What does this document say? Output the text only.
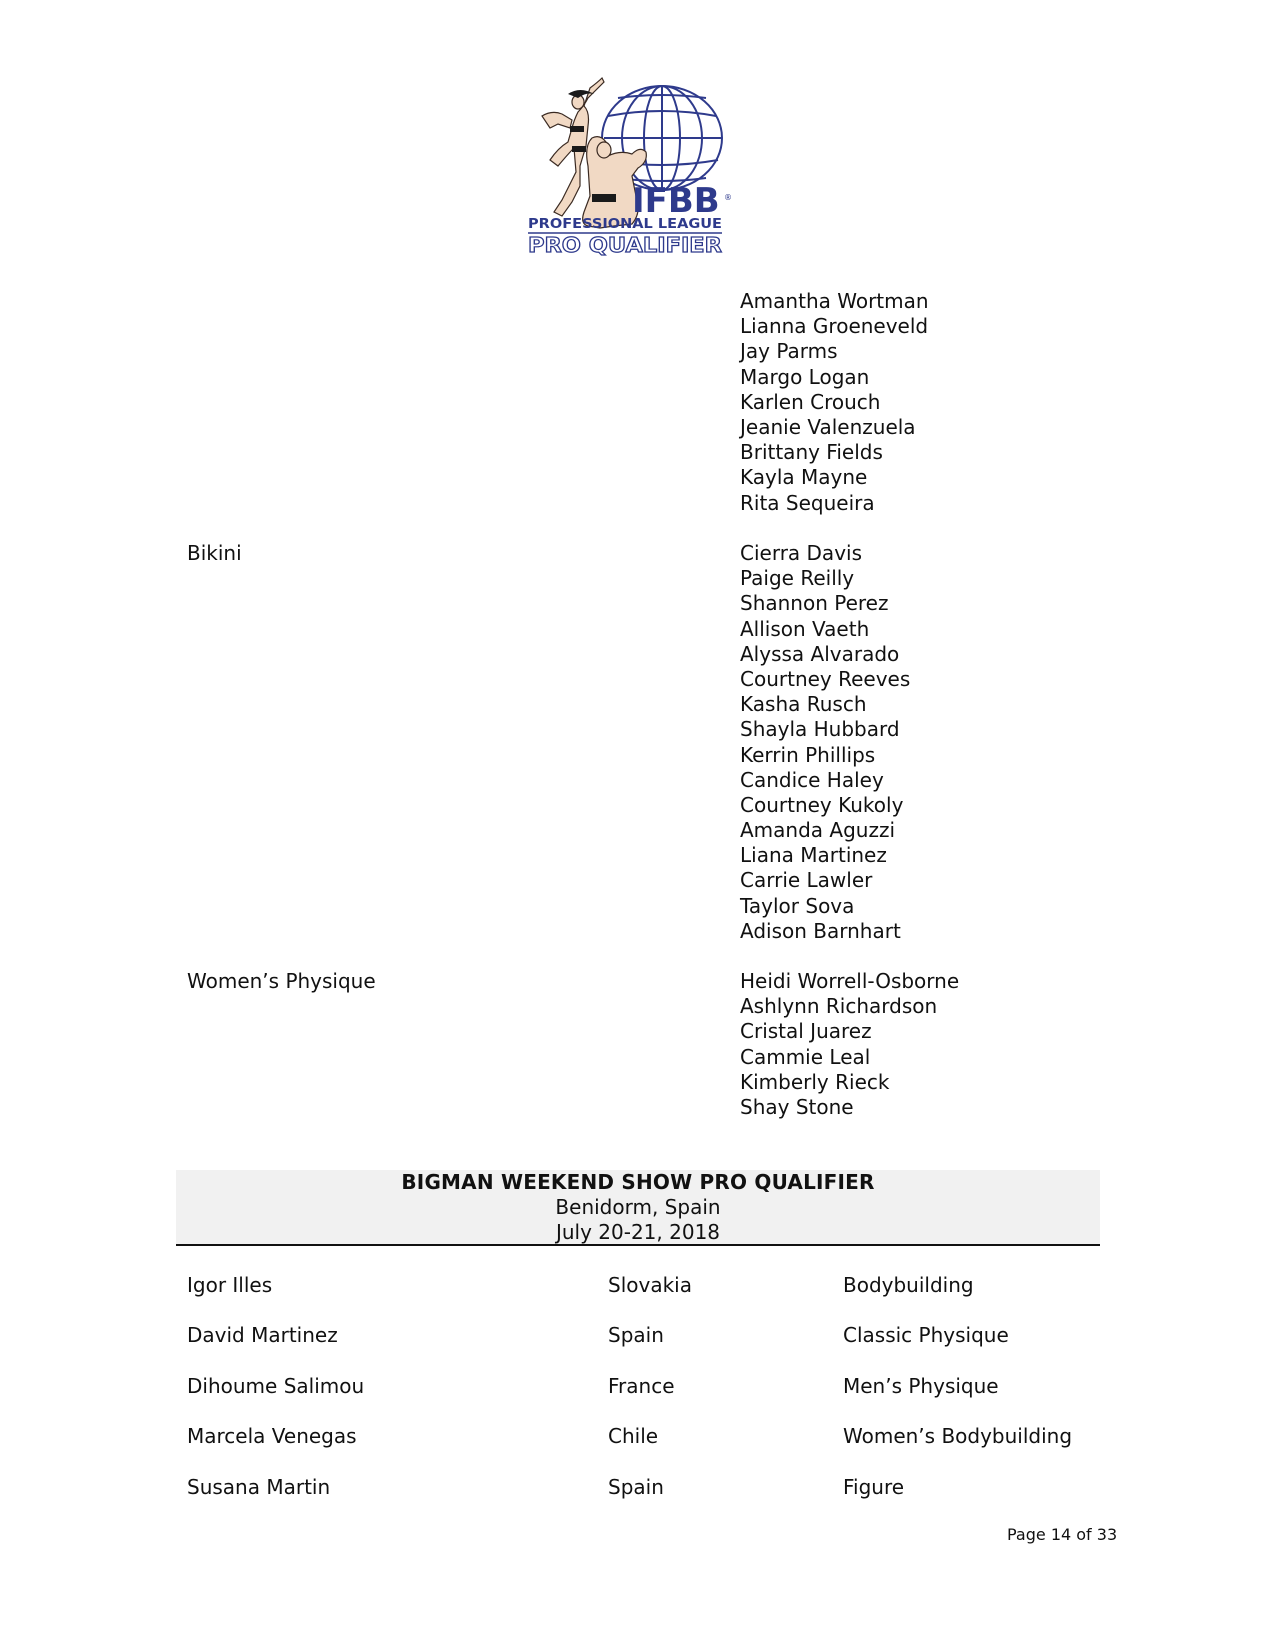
IFBB ®
PROFESSIONAL LEAGUE
PRO QUALIFIER
Amantha Wortman
Lianna Groeneveld
Jay Parms
Margo Logan
Karlen Crouch
Jeanie Valenzuela
Brittany Fields
Kayla Mayne
Rita Sequeira
Bikini	Cierra Davis
Paige Reilly
Shannon Perez
Allison Vaeth
Alyssa Alvarado
Courtney Reeves
Kasha Rusch
Shayla Hubbard
Kerrin Phillips
Candice Haley
Courtney Kukoly
Amanda Aguzzi
Liana Martinez
Carrie Lawler
Taylor Sova
Adison Barnhart
Women’s Physique	Heidi Worrell-Osborne
Ashlynn Richardson
Cristal Juarez
Cammie Leal
Kimberly Rieck
Shay Stone
BIGMAN WEEKEND SHOW PRO QUALIFIER
Benidorm, Spain
July 20-21, 2018
Igor Illes	Slovakia	Bodybuilding
David Martinez	Spain	Classic Physique
Dihoume Salimou	France	Men’s Physique
Marcela Venegas	Chile	Women’s Bodybuilding
Susana Martin	Spain	Figure
Page 14 of 33
